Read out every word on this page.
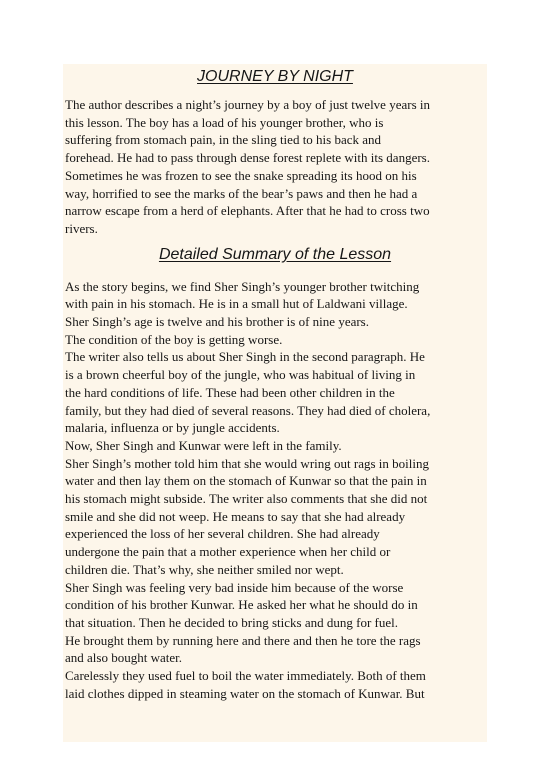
JOURNEY BY NIGHT

The author describes a night’s journey by a boy of just twelve years in
this lesson. The boy has a load of his younger brother, who is
suffering from stomach pain, in the sling tied to his back and
forehead. He had to pass through dense forest replete with its dangers.
Sometimes he was frozen to see the snake spreading its hood on his
way, horrified to see the marks of the bear’s paws and then he had a
narrow escape from a herd of elephants. After that he had to cross two
rivers.

Detailed Summary of the Lesson

As the story begins, we find Sher Singh’s younger brother twitching
with pain in his stomach. He is in a small hut of Laldwani village.
Sher Singh’s age is twelve and his brother is of nine years.
The condition of the boy is getting worse.
The writer also tells us about Sher Singh in the second paragraph. He
is a brown cheerful boy of the jungle, who was habitual of living in
the hard conditions of life. These had been other children in the
family, but they had died of several reasons. They had died of cholera,
malaria, influenza or by jungle accidents.
Now, Sher Singh and Kunwar were left in the family.
Sher Singh’s mother told him that she would wring out rags in boiling
water and then lay them on the stomach of Kunwar so that the pain in
his stomach might subside. The writer also comments that she did not
smile and she did not weep. He means to say that she had already
experienced the loss of her several children. She had already
undergone the pain that a mother experience when her child or
children die. That’s why, she neither smiled nor wept.
Sher Singh was feeling very bad inside him because of the worse
condition of his brother Kunwar. He asked her what he should do in
that situation. Then he decided to bring sticks and dung for fuel.
He brought them by running here and there and then he tore the rags
and also bought water.
Carelessly they used fuel to boil the water immediately. Both of them
laid clothes dipped in steaming water on the stomach of Kunwar. But
